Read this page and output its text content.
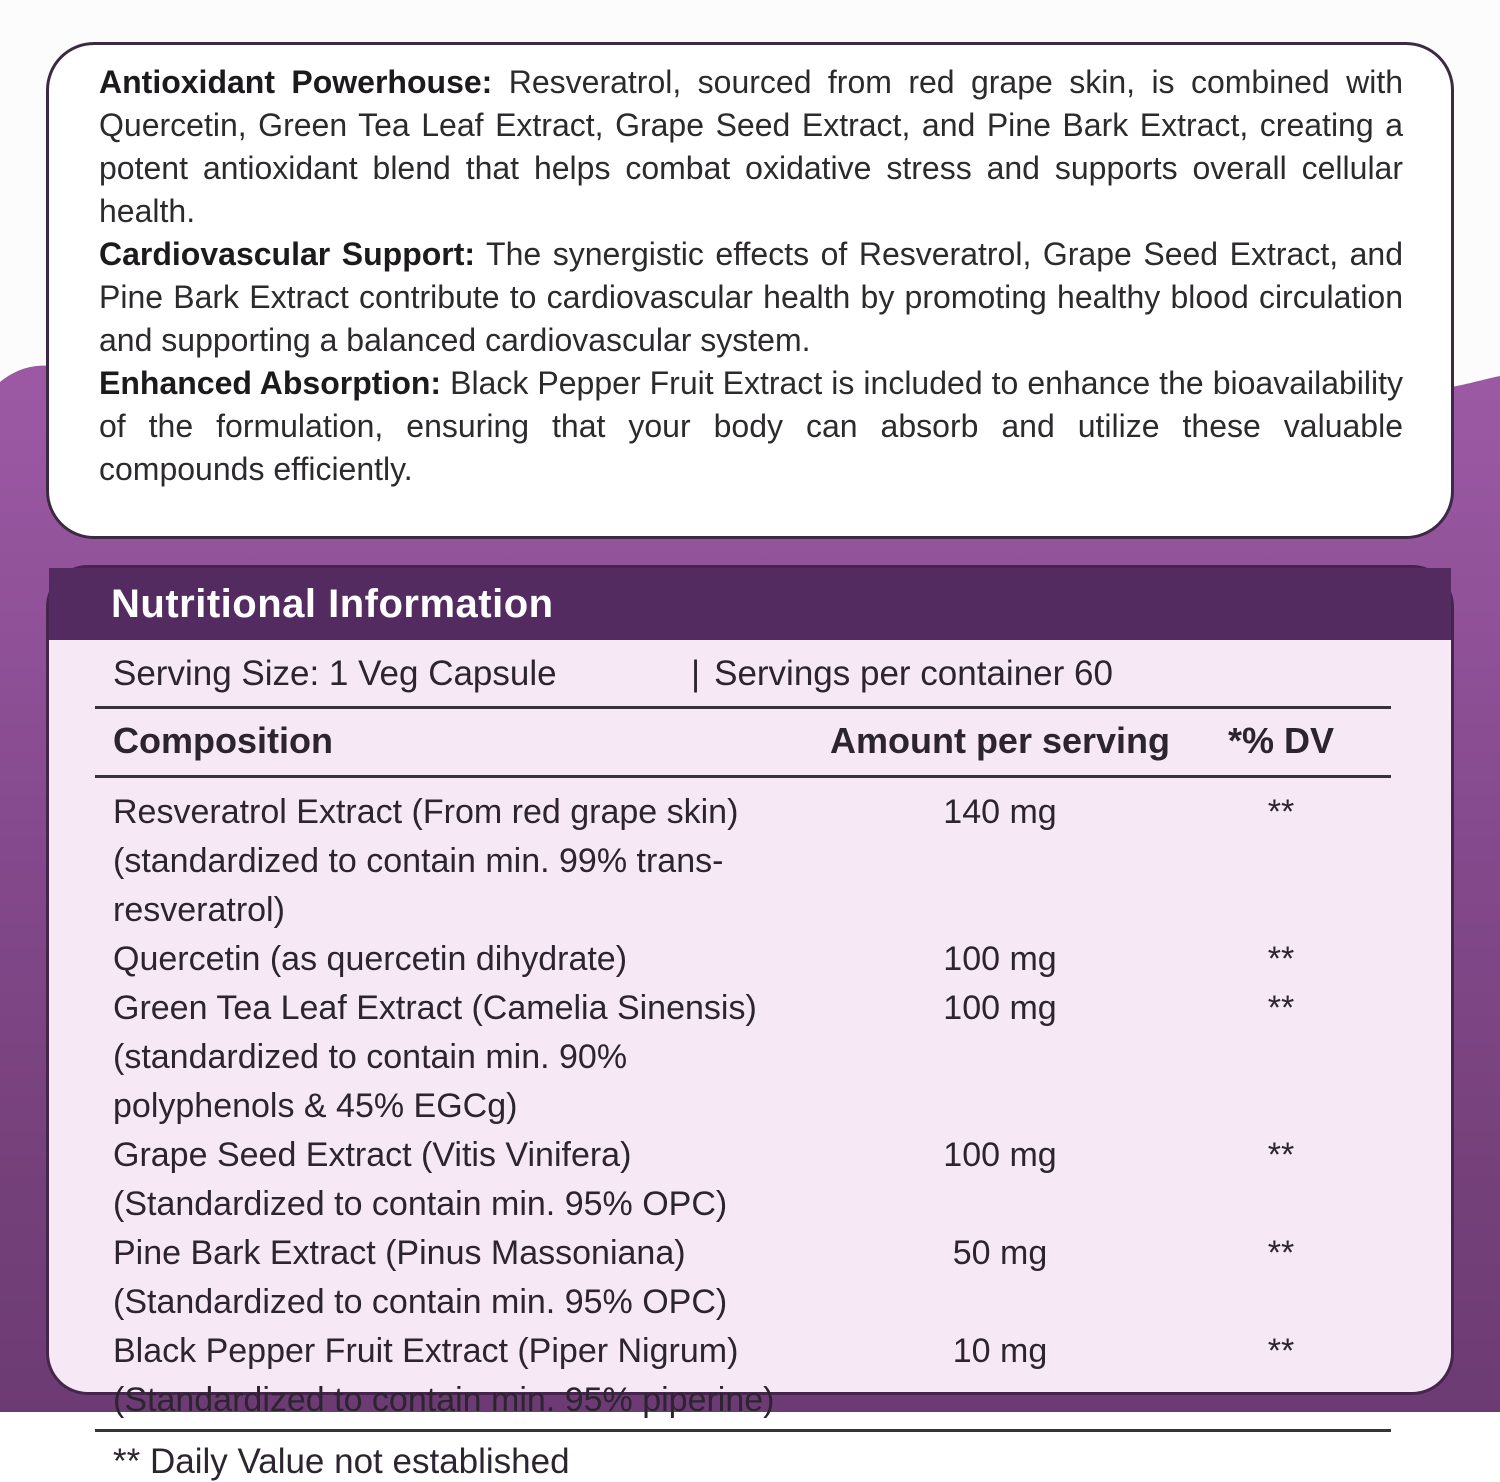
Antioxidant Powerhouse: Resveratrol, sourced from red grape skin, is combined with Quercetin, Green Tea Leaf Extract, Grape Seed Extract, and Pine Bark Extract, creating a potent antioxidant blend that helps combat oxidative stress and supports overall cellular health.

Cardiovascular Support: The synergistic effects of Resveratrol, Grape Seed Extract, and Pine Bark Extract contribute to cardiovascular health by promoting healthy blood circulation and supporting a balanced cardiovascular system.

Enhanced Absorption: Black Pepper Fruit Extract is included to enhance the bioavailability of the formulation, ensuring that your body can absorb and utilize these valuable compounds efficiently.

Nutritional Information
Serving Size: 1 Veg Capsule	| Servings per container 60
Composition	Amount per serving	*% DV
Resveratrol Extract (From red grape skin)	140 mg	**
(standardized to contain min. 99% trans-resveratrol)
Quercetin (as quercetin dihydrate)	100 mg	**
Green Tea Leaf Extract (Camelia Sinensis)	100 mg	**
(standardized to contain min. 90%
polyphenols & 45% EGCg)
Grape Seed Extract (Vitis Vinifera)	100 mg	**
(Standardized to contain min. 95% OPC)
Pine Bark Extract (Pinus Massoniana)	50 mg	**
(Standardized to contain min. 95% OPC)
Black Pepper Fruit Extract (Piper Nigrum)	10 mg	**
(Standardized to contain min. 95% piperine)
** Daily Value not established
